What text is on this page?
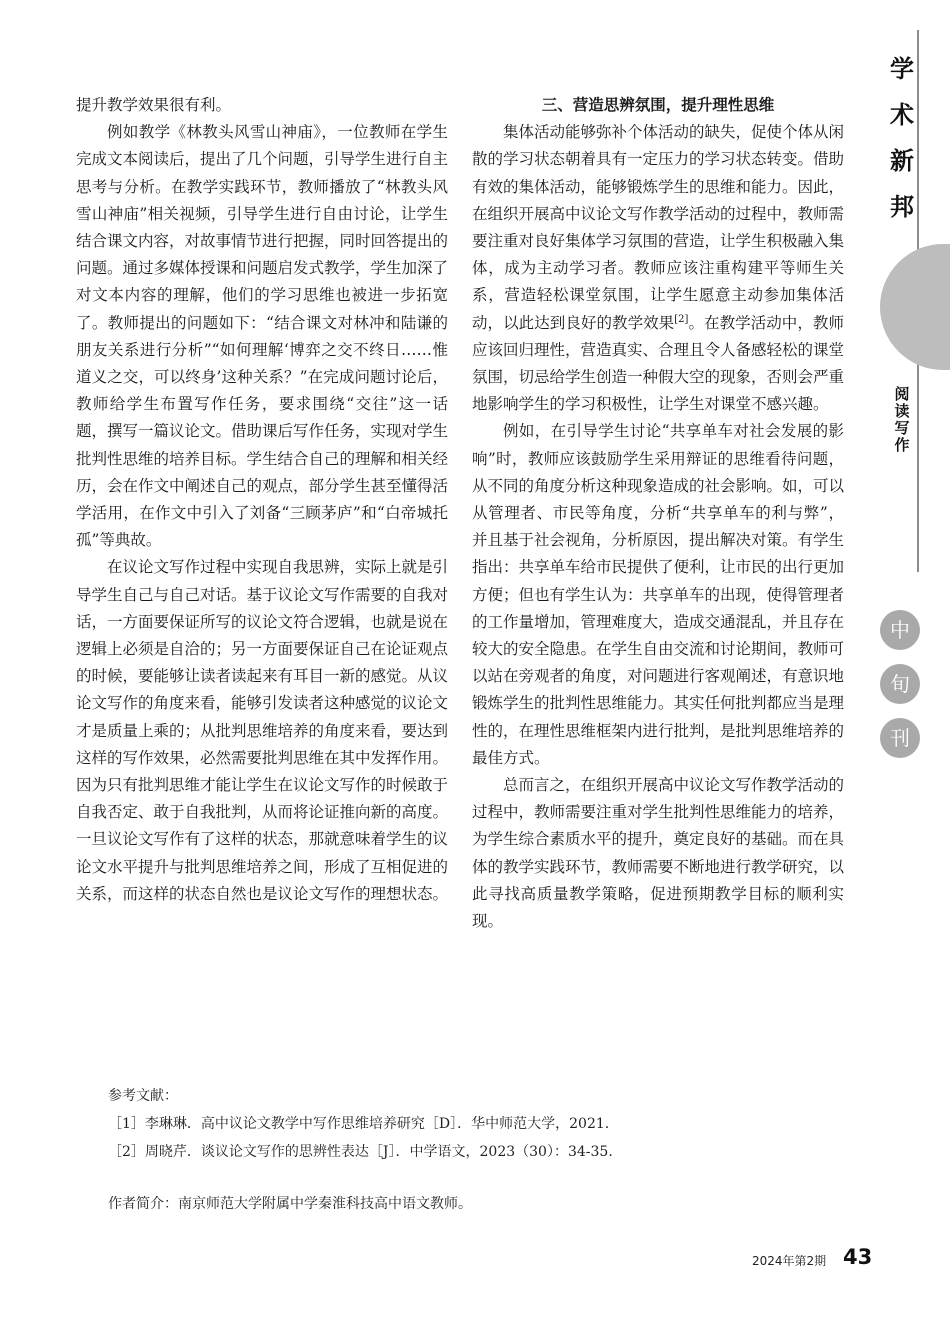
学
术
新
邦
阅
读
写
作
中
旬
刊

提升教学效果很有利。

例如教学《林教头风雪山神庙》，一位教师在学生完成文本阅读后，提出了几个问题，引导学生进行自主思考与分析。在教学实践环节，教师播放了“林教头风雪山神庙”相关视频，引导学生进行自由讨论，让学生结合课文内容，对故事情节进行把握，同时回答提出的问题。通过多媒体授课和问题启发式教学，学生加深了对文本内容的理解，他们的学习思维也被进一步拓宽了。教师提出的问题如下：“结合课文对林冲和陆谦的朋友关系进行分析”“如何理解‘博弈之交不终日……惟道义之交，可以终身’这种关系？”在完成问题讨论后，教师给学生布置写作任务，要求围绕“交往”这一话题，撰写一篇议论文。借助课后写作任务，实现对学生批判性思维的培养目标。学生结合自己的理解和相关经历，会在作文中阐述自己的观点，部分学生甚至懂得活学活用，在作文中引入了刘备“三顾茅庐”和“白帝城托孤”等典故。

在议论文写作过程中实现自我思辨，实际上就是引导学生自己与自己对话。基于议论文写作需要的自我对话，一方面要保证所写的议论文符合逻辑，也就是说在逻辑上必须是自洽的；另一方面要保证自己在论证观点的时候，要能够让读者读起来有耳目一新的感觉。从议论文写作的角度来看，能够引发读者这种感觉的议论文才是质量上乘的；从批判思维培养的角度来看，要达到这样的写作效果，必然需要批判思维在其中发挥作用。因为只有批判思维才能让学生在议论文写作的时候敢于自我否定、敢于自我批判，从而将论证推向新的高度。一旦议论文写作有了这样的状态，那就意味着学生的议论文水平提升与批判思维培养之间，形成了互相促进的关系，而这样的状态自然也是议论文写作的理想状态。

三、营造思辨氛围，提升理性思维

集体活动能够弥补个体活动的缺失，促使个体从闲散的学习状态朝着具有一定压力的学习状态转变。借助有效的集体活动，能够锻炼学生的思维和能力。因此，在组织开展高中议论文写作教学活动的过程中，教师需要注重对良好集体学习氛围的营造，让学生积极融入集体，成为主动学习者。教师应该注重构建平等师生关系，营造轻松课堂氛围，让学生愿意主动参加集体活动，以此达到良好的教学效果[2]。在教学活动中，教师应该回归理性，营造真实、合理且令人备感轻松的课堂氛围，切忌给学生创造一种假大空的现象，否则会严重地影响学生的学习积极性，让学生对课堂不感兴趣。

例如，在引导学生讨论“共享单车对社会发展的影响”时，教师应该鼓励学生采用辩证的思维看待问题，从不同的角度分析这种现象造成的社会影响。如，可以从管理者、市民等角度，分析“共享单车的利与弊”，并且基于社会视角，分析原因，提出解决对策。有学生指出：共享单车给市民提供了便利，让市民的出行更加方便；但也有学生认为：共享单车的出现，使得管理者的工作量增加，管理难度大，造成交通混乱，并且存在较大的安全隐患。在学生自由交流和讨论期间，教师可以站在旁观者的角度，对问题进行客观阐述，有意识地锻炼学生的批判性思维能力。其实任何批判都应当是理性的，在理性思维框架内进行批判，是批判思维培养的最佳方式。

总而言之，在组织开展高中议论文写作教学活动的过程中，教师需要注重对学生批判性思维能力的培养，为学生综合素质水平的提升，奠定良好的基础。而在具体的教学实践环节，教师需要不断地进行教学研究，以此寻找高质量教学策略，促进预期教学目标的顺利实现。

参考文献：
［1］李琳琳．高中议论文教学中写作思维培养研究［D］．华中师范大学，2021.
［2］周晓芹．谈议论文写作的思辨性表达［J］．中学语文，2023（30）：34-35.
作者简介：南京师范大学附属中学秦淮科技高中语文教师。
2024年第2期 43
